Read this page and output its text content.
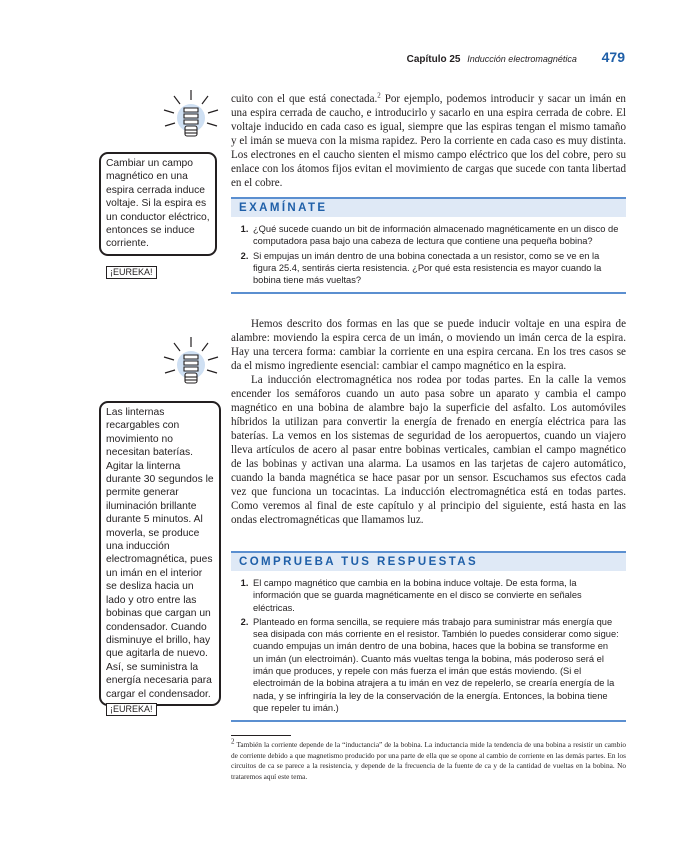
Capítulo 25 Inducción electromagnética 479

cuito con el que está conectada.$^2$ Por ejemplo, podemos introducir y sacar un imán en una espira cerrada de caucho, e introducirlo y sacarlo en una espira cerrada de cobre. El voltaje inducido en cada caso es igual, siempre que las espiras tengan el mismo tamaño y el imán se mueva con la misma rapidez. Pero la corriente en cada caso es muy distinta. Los electrones en el caucho sienten el mismo campo eléctrico que los del cobre, pero su enlace con los átomos fijos evitan el movimiento de cargas que sucede con tanta libertad en el cobre.

EXAMÍNATE
1. ¿Qué sucede cuando un bit de información almacenado magnéticamente en un disco de computadora pasa bajo una cabeza de lectura que contiene una pequeña bobina?
2. Si empujas un imán dentro de una bobina conectada a un resistor, como se ve en la figura 25.4, sentirás cierta resistencia. ¿Por qué esta resistencia es mayor cuando la bobina tiene más vueltas?

Hemos descrito dos formas en las que se puede inducir voltaje en una espira de alambre: moviendo la espira cerca de un imán, o moviendo un imán cerca de la espira. Hay una tercera forma: cambiar la corriente en una espira cercana. En los tres casos se da el mismo ingrediente esencial: cambiar el campo magnético en la espira.

La inducción electromagnética nos rodea por todas partes. En la calle la vemos encender los semáforos cuando un auto pasa sobre un aparato y cambia el campo magnético en una bobina de alambre bajo la superficie del asfalto. Los automóviles híbridos la utilizan para convertir la energía de frenado en energía eléctrica para las baterías. La vemos en los sistemas de seguridad de los aeropuertos, cuando un viajero lleva artículos de acero al pasar entre bobinas verticales, cambian el campo magnético de las bobinas y activan una alarma. La usamos en las tarjetas de cajero automático, cuando la banda magnética se hace pasar por un sensor. Escuchamos sus efectos cada vez que funciona un tocacintas. La inducción electromagnética está en todas partes. Como veremos al final de este capítulo y al principio del siguiente, está hasta en las ondas electromagnéticas que llamamos luz.

COMPRUEBA TUS RESPUESTAS
1. El campo magnético que cambia en la bobina induce voltaje. De esta forma, la información que se guarda magnéticamente en el disco se convierte en señales eléctricas.
2. Planteado en forma sencilla, se requiere más trabajo para suministrar más energía que sea disipada con más corriente en el resistor. También lo puedes considerar como sigue: cuando empujas un imán dentro de una bobina, haces que la bobina se transforme en un imán (un electroimán). Cuanto más vueltas tenga la bobina, más poderoso será el imán que produces, y repele con más fuerza el imán que estás moviendo. (Si el electroimán de la bobina atrajera a tu imán en vez de repelerlo, se crearía energía de la nada, y se infringiría la ley de la conservación de la energía. Entonces, la bobina tiene que repeler tu imán.)
Cambiar un campo magnético en una espira cerrada induce voltaje. Si la espira es un conductor eléctrico, entonces se induce corriente.
¡EUREKA!
Las linternas recargables con movimiento no necesitan baterías. Agitar la linterna durante 30 segundos le permite generar iluminación brillante durante 5 minutos. Al moverla, se produce una inducción electromagnética, pues un imán en el interior se desliza hacia un lado y otro entre las bobinas que cargan un condensador. Cuando disminuye el brillo, hay que agitarla de nuevo. Así, se suministra la energía necesaria para cargar el condensador.
¡EUREKA!
$^2$ También la corriente depende de la “inductancia” de la bobina. La inductancia mide la tendencia de una bobina a resistir un cambio de corriente debido a que magnetismo producido por una parte de ella que se opone al cambio de corriente en las demás partes. En los circuitos de ca se parece a la resistencia, y depende de la frecuencia de la fuente de ca y de la cantidad de vueltas en la bobina. No trataremos aquí este tema.
